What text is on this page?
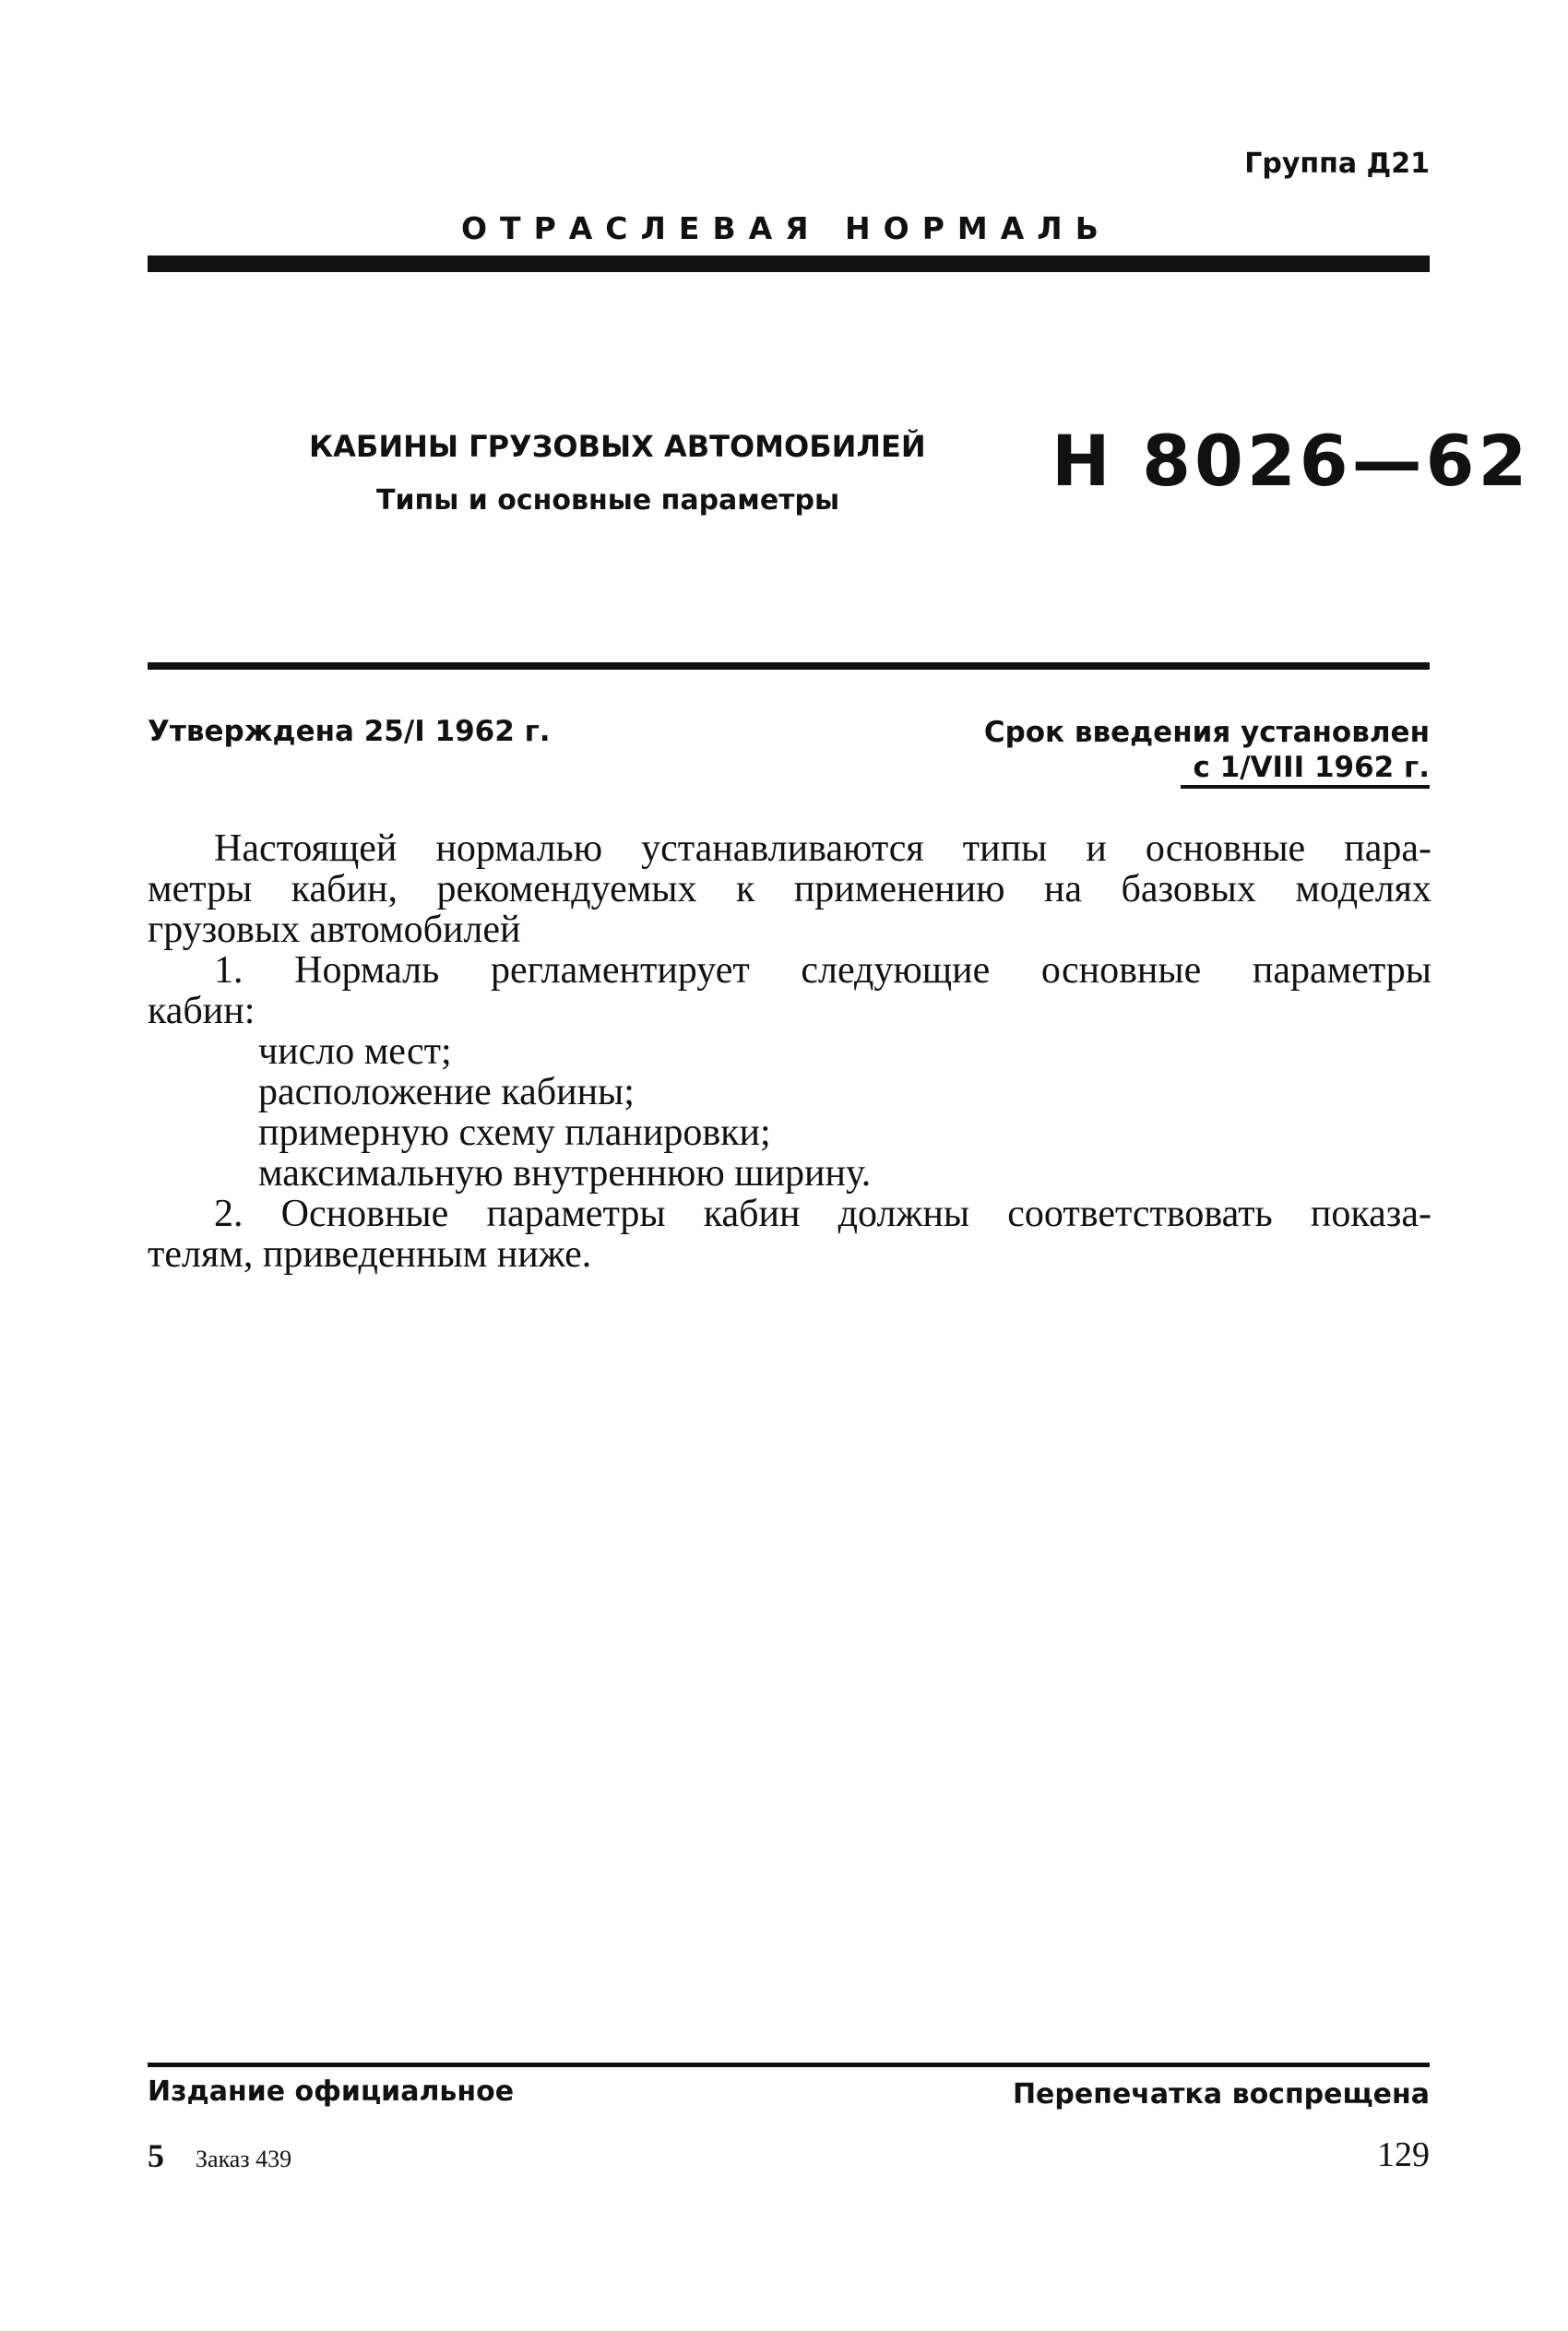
Группа Д21
ОТРАСЛЕВАЯ НОРМАЛЬ
КАБИНЫ ГРУЗОВЫХ АВТОМОБИЛЕЙ
Типы и основные параметры	Н 8026—62
Утверждена 25/I 1962 г.	Срок введения установлен
с 1/VIII 1962 г.

Настоящей нормалью устанавливаются типы и основные пара-

метры кабин, рекомендуемых к применению на базовых моделях

грузовых автомобилей

1. Нормаль регламентирует следующие основные параметры

кабин:

число мест;

расположение кабины;

примерную схему планировки;

максимальную внутреннюю ширину.

2. Основные параметры кабин должны соответствовать показа-

телям, приведенным ниже.

Издание официальное	Перепечатка воспрещена
5 Заказ 439	129
